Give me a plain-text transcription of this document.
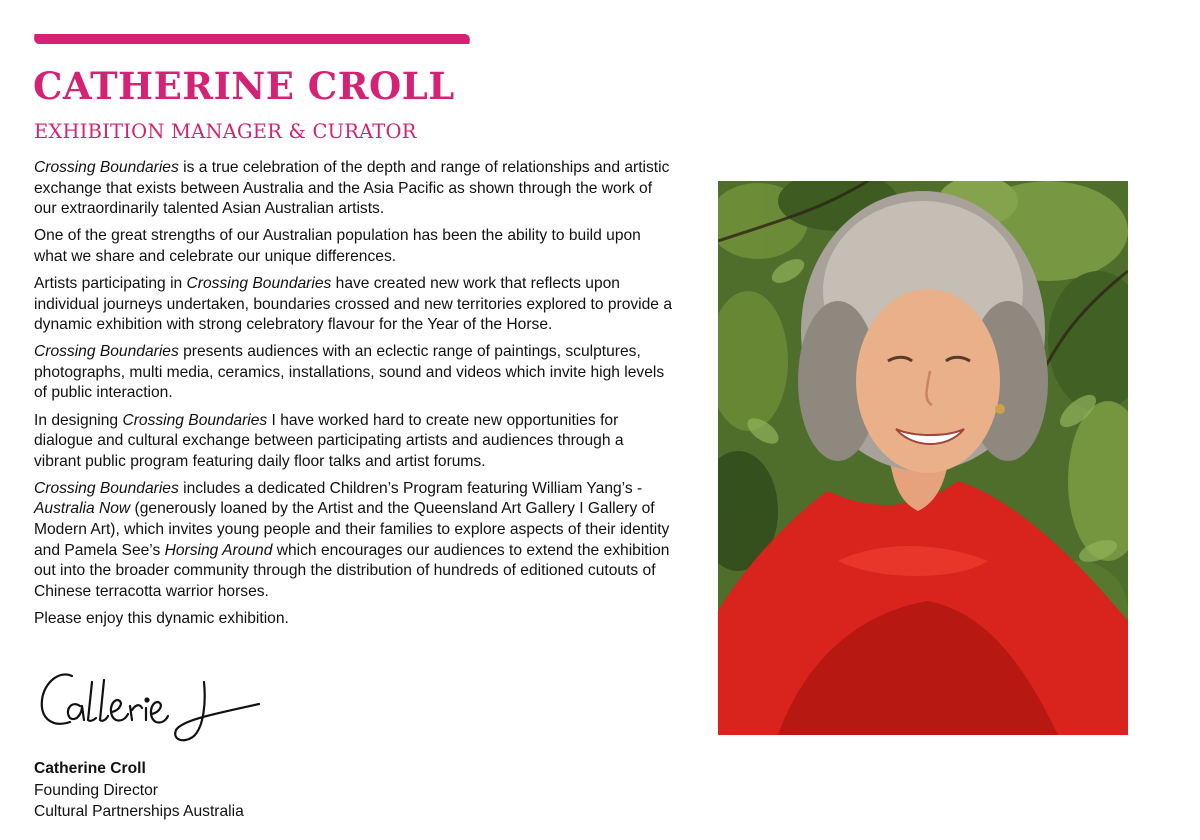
CATHERINE CROLL
EXHIBITION MANAGER & CURATOR

Crossing Boundaries is a true celebration of the depth and range of relationships and artistic exchange that exists between Australia and the Asia Pacific as shown through the work of our extraordinarily talented Asian Australian artists.

One of the great strengths of our Australian population has been the ability to build upon what we share and celebrate our unique differences.

Artists participating in Crossing Boundaries have created new work that reflects upon individual journeys undertaken, boundaries crossed and new territories explored to provide a dynamic exhibition with strong celebratory flavour for the Year of the Horse.

Crossing Boundaries presents audiences with an eclectic range of paintings, sculptures, photographs, multi media, ceramics, installations, sound and videos which invite high levels of public interaction.

In designing Crossing Boundaries I have worked hard to create new opportunities for dialogue and cultural exchange between participating artists and audiences through a vibrant public program featuring daily floor talks and artist forums.

Crossing Boundaries includes a dedicated Children’s Program featuring William Yang’s - Australia Now (generously loaned by the Artist and the Queensland Art Gallery I Gallery of Modern Art), which invites young people and their families to explore aspects of their identity and Pamela See’s Horsing Around which encourages our audiences to extend the exhibition out into the broader community through the distribution of hundreds of editioned cutouts of Chinese terracotta warrior horses.

Please enjoy this dynamic exhibition.

Catherine Croll
Founding Director
Cultural Partnerships Australia
